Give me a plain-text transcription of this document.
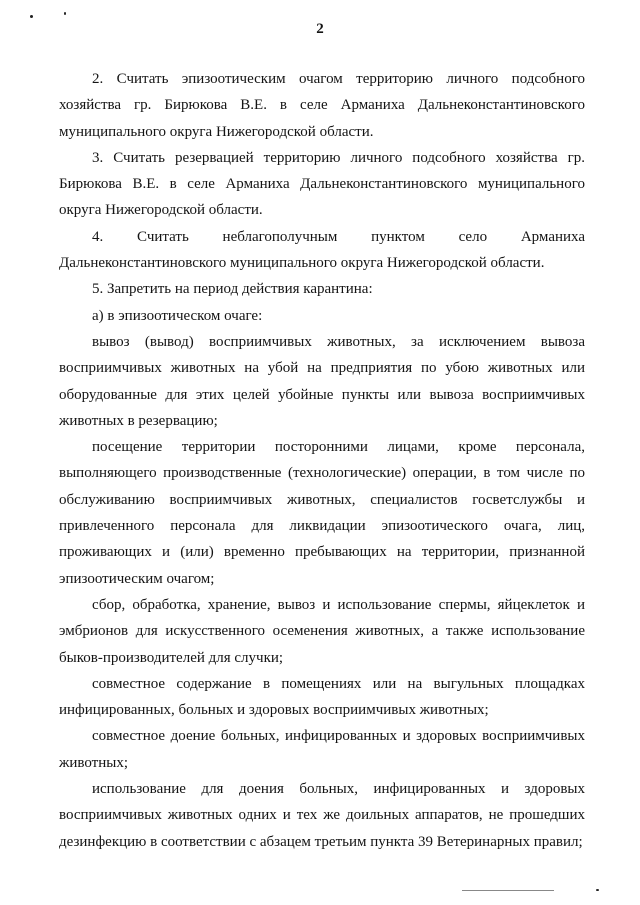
2

2. Считать эпизоотическим очагом территорию личного подсобного хозяйства гр. Бирюкова В.Е. в селе Арманиха Дальнеконстантиновского муниципального округа Нижегородской области.

3. Считать резервацией территорию личного подсобного хозяйства гр. Бирюкова В.Е. в селе Арманиха Дальнеконстантиновского муниципального округа Нижегородской области.

4. Считать неблагополучным пунктом село Арманиха Дальнеконстантиновского муниципального округа Нижегородской области.

5. Запретить на период действия карантина:

а) в эпизоотическом очаге:

вывоз (вывод) восприимчивых животных, за исключением вывоза восприимчивых животных на убой на предприятия по убою животных или оборудованные для этих целей убойные пункты или вывоза восприимчивых животных в резервацию;

посещение территории посторонними лицами, кроме персонала, выполняющего производственные (технологические) операции, в том числе по обслуживанию восприимчивых животных, специалистов госветслужбы и привлеченного персонала для ликвидации эпизоотического очага, лиц, проживающих и (или) временно пребывающих на территории, признанной эпизоотическим очагом;

сбор, обработка, хранение, вывоз и использование спермы, яйцеклеток и эмбрионов для искусственного осеменения животных, а также использование быков-производителей для случки;

совместное содержание в помещениях или на выгульных площадках инфицированных, больных и здоровых восприимчивых животных;

совместное доение больных, инфицированных и здоровых восприимчивых животных;

использование для доения больных, инфицированных и здоровых восприимчивых животных одних и тех же доильных аппаратов, не прошедших дезинфекцию в соответствии с абзацем третьим пункта 39 Ветеринарных правил;
